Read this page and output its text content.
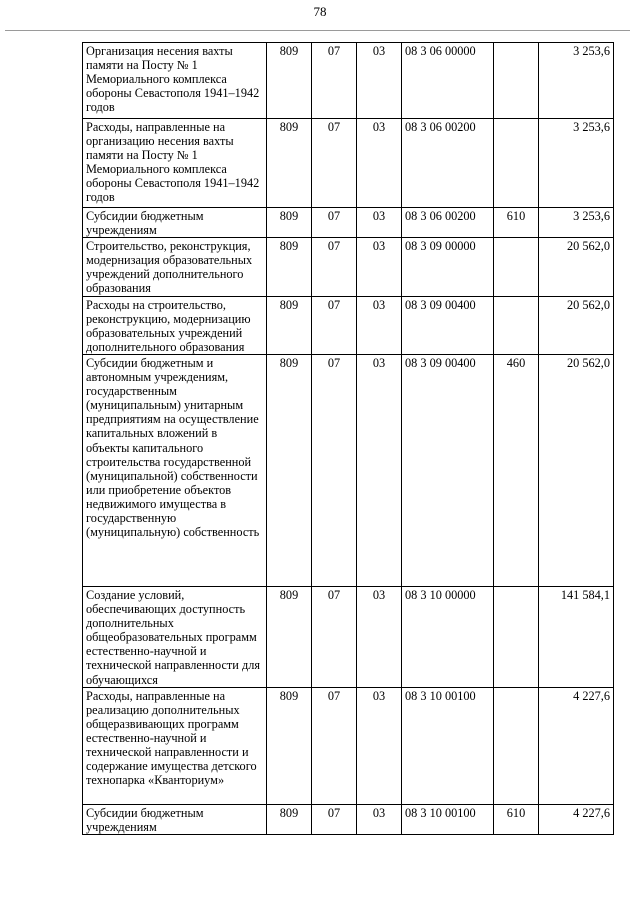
78
Организация несения вахты памяти на Посту № 1 Мемориального комплекса обороны Севастополя 1941–1942 годов	809	07	03	08 3 06 00000		3 253,6
Расходы, направленные на организацию несения вахты памяти на Посту № 1 Мемориального комплекса обороны Севастополя 1941–1942 годов	809	07	03	08 3 06 00200		3 253,6
Субсидии бюджетным учреждениям	809	07	03	08 3 06 00200	610	3 253,6
Строительство, реконструкция, модернизация образовательных учреждений дополнительного образования	809	07	03	08 3 09 00000		20 562,0
Расходы на строительство, реконструкцию, модернизацию образовательных учреждений дополнительного образования	809	07	03	08 3 09 00400		20 562,0
Субсидии бюджетным и автономным учреждениям, государственным (муниципальным) унитарным предприятиям на осуществление капитальных вложений в объекты капитального строительства государственной (муниципальной) собственности или приобретение объектов недвижимого имущества в государственную (муниципальную) собственность	809	07	03	08 3 09 00400	460	20 562,0
Создание условий, обеспечивающих доступность дополнительных общеобразовательных программ естественно-научной и технической направленности для обучающихся	809	07	03	08 3 10 00000		141 584,1
Расходы, направленные на реализацию дополнительных общеразвивающих программ естественно-научной и технической направленности и содержание имущества детского технопарка «Кванториум»	809	07	03	08 3 10 00100		4 227,6
Субсидии бюджетным учреждениям	809	07	03	08 3 10 00100	610	4 227,6
